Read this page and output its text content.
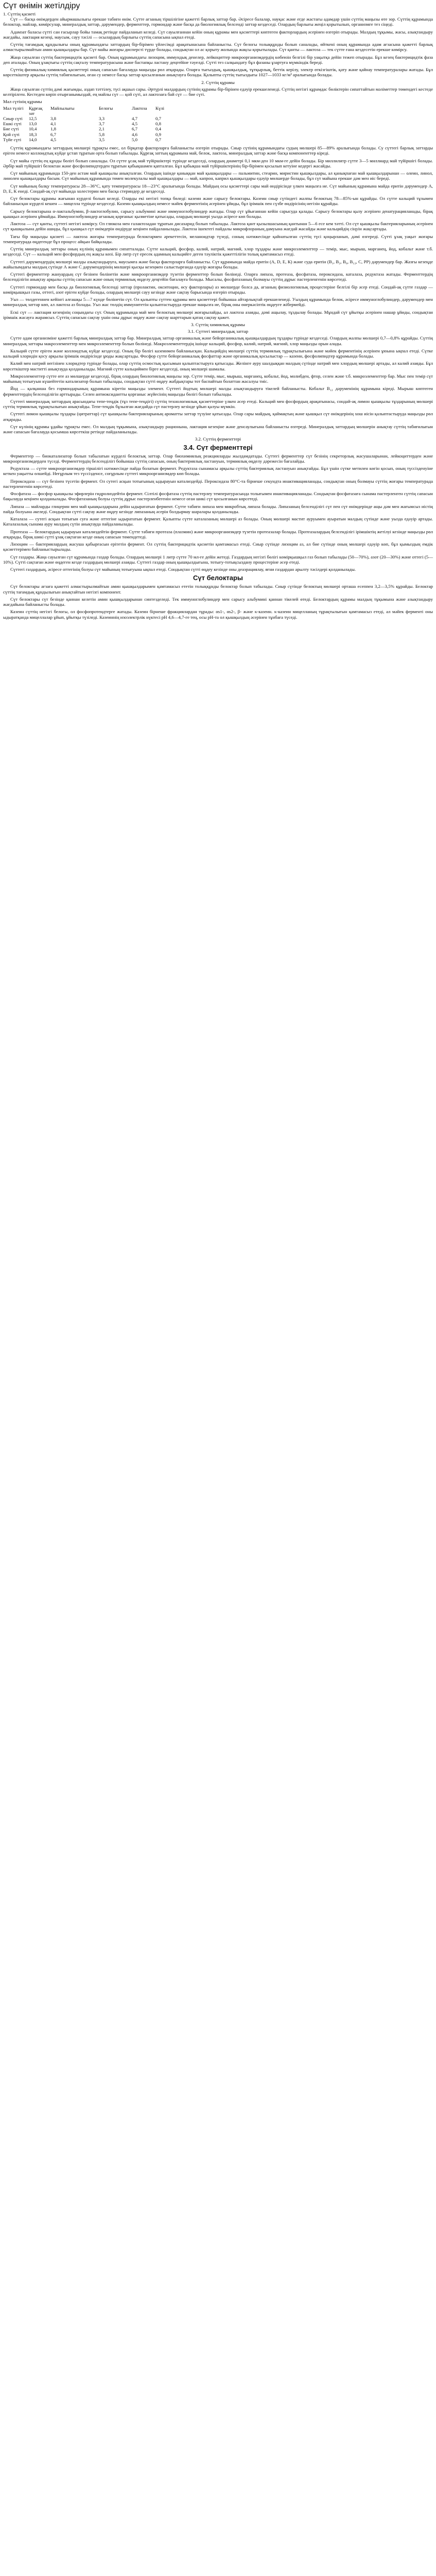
Сүт өнімін жетілдіру
1. Сүттің қасиеті

Сүт — басқа өнімдерден айырмашылығы ерекше табиғи өнім. Сүтте ағзаның тіршілігіне қажетті барлық заттар бар. Әсіресе балалар, науқас және егде жастағы адамдар үшін сүттің маңызы өте зор. Сүттің құрамында белоктар, майлар, көмірсулар, минералдық заттар, дәрумендер, ферменттер, гормондар және басқа да биологиялық белсенді заттар кездеседі. Олардың барлығы жеңіл қорытылып, организмге тез сіңеді.

Адамзат баласы сүтті сан ғасырлар бойы тамақ ретінде пайдаланып келеді. Сүт сауылғаннан кейін оның құрамы мен қасиеттері көптеген факторлардың әсерінен өзгеріп отырады. Малдың тұқымы, жасы, азықтандыру жағдайы, лактация кезеңі, маусым, сауу тәсілі — осылардың барлығы сүттің сапасына ықпал етеді.

Сүттің тағамдық құндылығы оның құрамындағы заттардың бір-бірімен үйлесімді арақатынасына байланысты. Сүт белогы толыққұнды болып саналады, өйткені оның құрамында адам ағзасына қажетті барлық алмастырылмайтын амин қышқылдары бар. Сүт майы жоғары дисперсті түрде болады, сондықтан ол ас қорыту жолында жақсы қорытылады. Сүт қанты — лактоза — тек сүтте ғана кездесетін ерекше көмірсу.

Жаңа сауылған сүттің бактерицидтік қасиеті бар. Оның құрамындағы лизоцим, иммундық денелер, лейкоциттер микроорганизмдердің көбеюін белгілі бір уақытқа дейін тежеп отырады. Бұл кезең бактерицидтік фаза деп аталады. Оның ұзақтығы сүттің сақталу температурасына және бастапқы ластану деңгейіне тәуелді. Сүтті тез салқындату бұл фазаны ұзартуға мүмкіндік береді.

Сүттің физикалық-химиялық қасиеттері оның сапасын бағалауда маңызды рөл атқарады. Оларға тығыздық, қышқылдық, тұтқырлық, беттік керілу, электр өткізгіштік, қату және қайнау температуралары жатады. Бұл көрсеткіштер арқылы сүттің табиғилығын, оған су немесе басқа заттар қосылғанын анықтауға болады. Қалыпты сүттің тығыздығы 1027—1033 кг/м³ аралығында болады.

2. Сүттің құрамы

Жаңа сауылған сүттің дәмі жағымды, аздап тәттілеу, түсі ақшыл сары. Әртүрлі малдардың сүтінің құрамы бір-бірінен едәуір ерекшеленеді. Сүттің негізгі құрамдас бөліктерін сипаттайтын мәліметтер төмендегі кестеде келтірілген. Кестеден көріп отырғанымыздай, ең майлы сүт — қой сүті, ал лактозаға бай сүт — бие сүті.

Мал сүтінің құрамы
Мал түлігі	Құрғақ зат	Майлылығы	Белогы	Лактоза	Күлі
Сиыр сүті	12,5	3,8	3,3	4,7	0,7
Ешкі сүті	13,0	4,1	3,7	4,5	0,8
Бие сүті	10,4	1,8	2,1	6,7	0,4
Қой сүті	18,3	6,7	5,8	4,6	0,9
Түйе сүті	14,0	4,5	3,5	5,0	0,7

Сүттің құрамындағы заттардың мөлшері тұрақты емес, ол бірқатар факторларға байланысты өзгеріп отырады. Сиыр сүтінің құрамындағы судың мөлшері 85—89% аралығында болады. Су сүттегі барлық заттарды еріген немесе коллоидтық күйде ұстап тұратын орта болып табылады. Құрғақ заттың құрамына май, белок, лактоза, минералдық заттар және басқа компоненттер кіреді.

Сүт майы сүттің ең құнды бөлігі болып саналады. Ол сүтте ұсақ май түйіршіктері түрінде кездеседі, олардың диаметрі 0,1 мкм-ден 10 мкм-ге дейін болады. Бір миллилитр сүтте 3—5 миллиард май түйіршігі болады. Әрбір май түйіршігі белоктан және фосфолипидтерден тұратын қабықшамен қапталған. Бұл қабықша май түйіршіктерінің бір-бірімен қосылып кетуіне кедергі жасайды.

Сүт майының құрамында 150-ден астам май қышқылы анықталған. Олардың ішінде қаныққан май қышқылдары — пальмитин, стеарин, миристин қышқылдары, ал қанықпаған май қышқылдарынан — олеин, линол, линолен қышқылдары басым. Сүт майының құрамында төмен молекулалы май қышқылдары — май, капрон, каприл қышқылдары едәуір мөлшерде болады, бұл сүт майына ерекше дәм мен иіс береді.

Сүт майының балқу температурасы 28—36°С, қату температурасы 18—23°С аралығында болады. Майдың осы қасиеттері сары май өндірісінде үлкен маңызға ие. Сүт майының құрамына майда еритін дәрумендер А, D, Е, К енеді. Сондай-ақ сүт майында холестерин мен басқа стериндер де кездеседі.

Сүт белоктары құрамы жағынан күрделі болып келеді. Оларды екі негізгі топқа бөледі: казеин және сарысу белоктары. Казеин сиыр сүтіндегі жалпы белоктың 78—85%-ын құрайды. Ол сүтте кальций тұзымен байланысқан күрделі кешен — мицелла түрінде кездеседі. Казеин қышқылдың немесе мәйек ферментінің әсерінен ұйиды, бұл ірімшік пен сүзбе өндірісінің негізін құрайды.

Сарысу белоктарына α-лактальбумин, β-лактоглобулин, сарысу альбумині және иммуноглобулиндер жатады. Олар сүт ұйығаннан кейін сарысуда қалады. Сарысу белоктары қызу әсерінен денатурацияланады, бірақ қышқыл әсерінен ұймайды. Иммуноглобулиндер ағзаның қорғаныс қызметіне қатысады, олардың мөлшері уызда әсіресе көп болады.

Лактоза — сүт қанты, сүттегі негізгі көмірсу. Ол глюкоза мен галактозадан тұратын дисахарид болып табылады. Лактоза қант қызылшасының қантынан 5—6 есе кем тәтті. Ол сүт қышқылы бактерияларының әсерінен сүт қышқылына дейін ашиды, бұл қышқыл сүт өнімдерін өндіруде кеңінен пайдаланылады. Лактоза ішектегі пайдалы микрофлораның дамуына жағдай жасайды және кальцийдің сіңуін жақсартады.

Тағы бір маңызды қасиеті — лактоза жоғары температурада белоктармен әрекеттесіп, меланоидтар түзеді, соның нәтижесінде қайнатылған сүттің түсі қоңырланып, дәмі өзгереді. Сүтті ұзақ уақыт жоғары температурада өңдегенде бұл процесс айқын байқалады.

Сүттің минералдық заттары оның күлінің құрамымен сипатталады. Сүтте кальций, фосфор, калий, натрий, магний, хлор тұздары және микроэлементтер — темір, мыс, мырыш, марганец, йод, кобальт және т.б. кездеседі. Сүт — кальций мен фосфордың ең жақсы көзі. Бір литр сүт ересек адамның кальцийге деген тәуліктік қажеттілігін толық қамтамасыз етеді.

Сүттегі дәрумендердің мөлшері малды азықтандыруға, маусымға және басқа факторларға байланысты. Сүт құрамында майда еритін (А, D, Е, К) және суда еритін (В₁, В₂, В₆, В₁₂, С, РР) дәрумендер бар. Жазғы кезеңде жайылымдағы малдың сүтінде А және С дәрумендерінің мөлшері қысқы кезеңмен салыстырғанда едәуір жоғары болады.

Сүттегі ферменттер жануардың сүт безінен бөлінетін және микроорганизмдер түзетін ферменттер болып бөлінеді. Оларға липаза, протеаза, фосфатаза, пероксидаза, каталаза, редуктаза жатады. Ферменттердің белсенділігін анықтау арқылы сүттің сапасын және оның термиялық өңделу деңгейін бағалауға болады. Мысалы, фосфатазаның болмауы сүттің дұрыс пастерленгенін көрсетеді.

Сүттегі гормондар мен басқа да биологиялық белсенді заттар (пролактин, окситоцин, өсу факторлары) аз мөлшерде болса да, ағзаның физиологиялық процестеріне белгілі бір әсер етеді. Сондай-ақ сүтте газдар — көмірқышқыл газы, оттегі, азот еріген күйде болады, олардың мөлшері сауу кезінде және сақтау барысында өзгеріп отырады.

Уыз — төлдегеннен кейінгі алғашқы 5—7 күнде бөлінетін сүт. Ол қалыпты сүттен құрамы мен қасиеттері бойынша айтарлықтай ерекшеленеді. Уыздың құрамында белок, әсіресе иммуноглобулиндер, дәрумендер мен минералдық заттар көп, ал лактоза аз болады. Уыз жас төлдің иммунитетін қалыптастыруда ерекше маңызға ие, бірақ оны өнеркәсіптік өңдеуге жібермейді.

Ескі сүт — лактация кезеңінің соңындағы сүт. Оның құрамында май мен белоктың мөлшері жоғарылайды, ал лактоза азаяды, дәмі ащылау, тұздылау болады. Мұндай сүт ұйытқы әсерінен нашар ұйиды, сондықтан ірімшік жасауға жарамсыз. Сүттің сапасын сақтау үшін оны дұрыс өңдеу және сақтау шарттарын қатаң сақтау қажет.

3. Сүттің химиялық құрамы
3.1. Сүттегі минералдық заттар

Сүтте адам организміне қажетті барлық минералдық заттар бар. Минералдық заттар органикалық және бейорганикалық қышқылдардың тұздары түрінде кездеседі. Олардың жалпы мөлшері 0,7—0,8% құрайды. Сүттің минералдық заттары макроэлементтер мен микроэлементтер болып бөлінеді. Макроэлементтердің ішінде кальций, фосфор, калий, натрий, магний, хлор маңызды орын алады.

Кальций сүтте еріген және коллоидтық күйде кездеседі. Оның бір бөлігі казеинмен байланысқан. Кальцийдің мөлшері сүттің термиялық тұрақтылығына және мәйек ферментінің әсерінен ұюына ықпал етеді. Сүтке кальций хлоридін қосу арқылы ірімшік өндірісінде ұюды жақсартады. Фосфор сүтте бейорганикалық фосфаттар және органикалық қосылыстар — казеин, фосфолипидтер құрамында болады.

Калий мен натрий негізінен хлоридтер түрінде болады, олар сүттің осмостық қысымын қалыптастыруға қатысады. Желінге ауру шалдыққан малдың сүтінде натрий мен хлордың мөлшері артады, ал калий азаяды. Бұл көрсеткіштер маститті анықтауда қолданылады. Магний сүтте кальциймен бірге кездеседі, оның мөлшері шамалы.

Микроэлементтер сүтте өте аз мөлшерде кездеседі, бірақ олардың биологиялық маңызы зор. Сүтте темір, мыс, мырыш, марганец, кобальт, йод, молибден, фтор, селен және т.б. микроэлементтер бар. Мыс пен темір сүт майының тотығуын күшейтетін катализатор болып табылады, сондықтан сүтті өңдеу жабдықтары тот баспайтын болаттан жасалуы тиіс.

Йод — қалқанша без гормондарының құрамына кіретін маңызды элемент. Сүттегі йодтың мөлшері малды азықтандыруға тікелей байланысты. Кобальт В₁₂ дәруменінің құрамына кіреді. Мырыш көптеген ферменттердің белсенділігін арттырады. Селен антиоксидантты қорғаныс жүйесінің маңызды бөлігі болып табылады.

Сүттегі минералдық заттардың арасындағы тепе-теңдік (тұз тепе-теңдігі) сүттің технологиялық қасиеттеріне үлкен әсер етеді. Кальций мен фосфордың арақатынасы, сондай-ақ лимон қышқылы тұздарының мөлшері сүттің термиялық тұрақтылығын анықтайды. Тепе-теңдік бұзылған жағдайда сүт пастерлеу кезінде ұйып қалуы мүмкін.

Сүттегі лимон қышқылы тұздары (цитраттар) сүт қышқылы бактерияларының ароматты заттар түзуіне қатысады. Олар сары майдың, қаймақтың және қышқыл сүт өнімдерінің хош иісін қалыптастыруда маңызды рөл атқарады.

Сүт күлінің құрамы ұдайы тұрақты емес. Ол малдың тұқымына, азықтандыру рационына, лактация кезеңіне және денсаулығына байланысты өзгереді. Минералдық заттардың мөлшерін анықтау сүттің табиғилығын және сапасын бағалауда қосымша көрсеткіш ретінде пайдаланылады.

3.2. Сүттің ферменттері
3.4. Сүт ферменттері

Ферменттер — биокатализатор болып табылатын күрделі белоктық заттар. Олар биохимиялық реакцияларды жылдамдатады. Сүттегі ферменттер сүт безінің секреторлық жасушаларынан, лейкоциттерден және микроорганизмдерден түседі. Ферменттердің белсенділігі бойынша сүттің сапасын, оның бактериялық ластануын, термиялық өңделу дәрежесін бағалайды.

Редуктаза — сүтте микроорганизмдер тіршілігі нәтижесінде пайда болатын фермент. Редуктаза сынамасы арқылы сүттің бактериялық ластануын анықтайды. Бұл үшін сүтке метилен көгін қосып, оның түссізденуіне кеткен уақытты өлшейді. Неғұрлым тез түссізденсе, соғұрлым сүттегі микроорганизмдер көп болады.

Пероксидаза — сүт безінен түсетін фермент. Ол сутегі асқын тотығының ыдырауын катализдейді. Пероксидаза 80°С-та бірнеше секундта инактивацияланады, сондықтан оның болмауы сүттің жоғары температурада пастерленгенін көрсетеді.

Фосфатаза — фосфор қышқылы эфирлерін гидролиздейтін фермент. Сілтілі фосфатаза сүттің пастерлеу температурасында толығымен инактивацияланады. Сондықтан фосфатазаға сынама пастерленген сүттің сапасын бақылауда кеңінен қолданылады. Фосфатазаның болуы сүттің дұрыс пастерленбегенін немесе оған шикі сүт қосылғанын көрсетеді.

Липаза — майларды глицерин мен май қышқылдарына дейін ыдырататын фермент. Сүтте табиғи липаза мен микробтық липаза болады. Липазаның белсенділігі сүт пен сүт өнімдерінде ащы дәм мен жағымсыз иістің пайда болуына әкеледі. Сондықтан сүтті сақтау және өңдеу кезінде липазаның әсерін болдырмау шаралары қолданылады.

Каталаза — сутегі асқын тотығын суға және оттегіне ыдырататын фермент. Қалыпты сүтте каталазаның мөлшері аз болады. Оның мөлшері мастит ауруымен ауыратын малдың сүтінде және уызда едәуір артады. Каталазалық сынама ауру малдың сүтін анықтауда пайдаланылады.

Протеаза — белоктардың ыдырауын катализдейтін фермент. Сүтте табиғи протеаза (плазмин) және микроорганизмдер түзетін протеазалар болады. Протеазалардың белсенділігі ірімшіктің жетілуі кезінде маңызды рөл атқарады, бірақ шикі сүтті ұзақ сақтаған кезде оның сапасын төмендетеді.

Лизоцим — бактериялардың жасуша қабырғасын ерітетін фермент. Ол сүттің бактерицидтік қасиетін қамтамасыз етеді. Сиыр сүтінде лизоцим аз, ал бие сүтінде оның мөлшері едәуір көп, бұл қымыздың емдік қасиеттерімен байланыстырылады.

Сүт газдары. Жаңа сауылған сүт құрамында газдар болады. Олардың мөлшері 1 литр сүтте 70 мл-ге дейін жетеді. Газдардың негізгі бөлігі көмірқышқыл газ болып табылады (50—70%), азот (20—30%) және оттегі (5—10%). Сүтті сақтаған және өңдеген кезде газдардың мөлшері азаяды. Сүттегі газдар оның қышқылдығына, тотығу-тотықсыздану процестеріне әсер етеді.

Сүттегі газдардың, әсіресе оттегінің болуы сүт майының тотығуына ықпал етеді. Сондықтан сүтті өңдеу кезінде оны деаэрациялау, яғни газдардан арылту тәсілдері қолданылады.

Сүт белоктары

Сүт белоктары ағзаға қажетті алмастырылмайтын амин қышқылдарымен қамтамасыз ететін толыққұнды белоктар болып табылады. Сиыр сүтінде белоктың мөлшері орташа есеппен 3,2—3,5% құрайды. Белоктар сүттің тағамдық құндылығын анықтайтын негізгі компонент.

Сүт белоктары сүт безінде қаннан келетін амин қышқылдарынан синтезделеді. Тек иммуноглобулиндер мен сарысу альбумині қаннан тікелей өтеді. Белоктардың құрамы малдың тұқымына және азықтандыру жағдайына байланысты болады.

Казеин сүттің негізгі белогы, ол фосфопротеидтерге жатады. Казеин бірнеше фракциялардан тұрады: αs1-, αs2-, β- және κ-казеин. κ-казеин мицелланың тұрақтылығын қамтамасыз етеді, ал мәйек ферменті оны ыдыратқанда мицеллалар ұйып, ұйытқы түзіледі. Казеиннің изоэлектрлік нүктесі рН 4,6—4,7-ге тең, осы рН-та ол қышқылдың әсерінен тұнбаға түседі.
